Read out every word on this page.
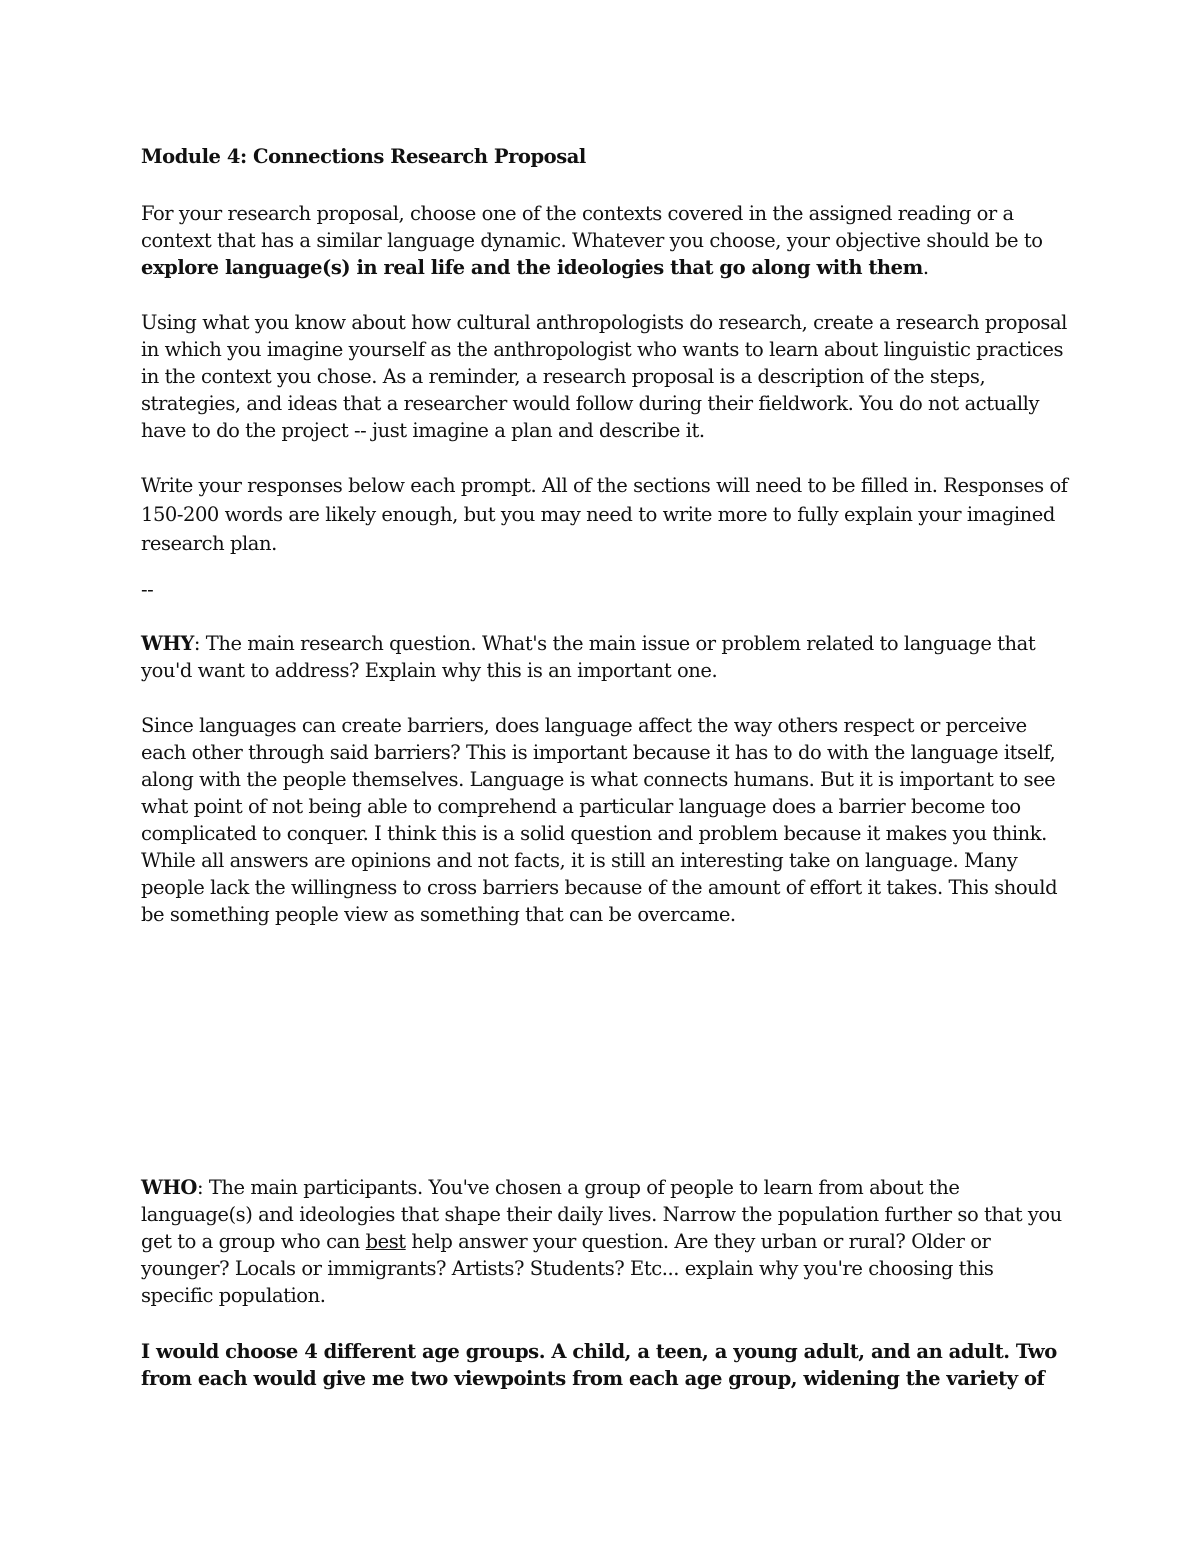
Module 4: Connections Research Proposal

For your research proposal, choose one of the contexts covered in the assigned reading or a context that has a similar language dynamic. Whatever you choose, your objective should be to explore language(s) in real life and the ideologies that go along with them.

Using what you know about how cultural anthropologists do research, create a research proposal in which you imagine yourself as the anthropologist who wants to learn about linguistic practices in the context you chose. As a reminder, a research proposal is a description of the steps, strategies, and ideas that a researcher would follow during their fieldwork. You do not actually have to do the project -- just imagine a plan and describe it.

Write your responses below each prompt. All of the sections will need to be filled in. Responses of 150-200 words are likely enough, but you may need to write more to fully explain your imagined research plan.

--

WHY: The main research question. What's the main issue or problem related to language that you'd want to address? Explain why this is an important one.

Since languages can create barriers, does language affect the way others respect or perceive each other through said barriers? This is important because it has to do with the language itself, along with the people themselves. Language is what connects humans. But it is important to see what point of not being able to comprehend a particular language does a barrier become too complicated to conquer. I think this is a solid question and problem because it makes you think. While all answers are opinions and not facts, it is still an interesting take on language. Many people lack the willingness to cross barriers because of the amount of effort it takes. This should be something people view as something that can be overcame.

WHO: The main participants. You've chosen a group of people to learn from about the language(s) and ideologies that shape their daily lives. Narrow the population further so that you get to a group who can best help answer your question. Are they urban or rural? Older or younger? Locals or immigrants? Artists? Students? Etc... explain why you're choosing this specific population.

I would choose 4 different age groups. A child, a teen, a young adult, and an adult. Two from each would give me two viewpoints from each age group, widening the variety of
